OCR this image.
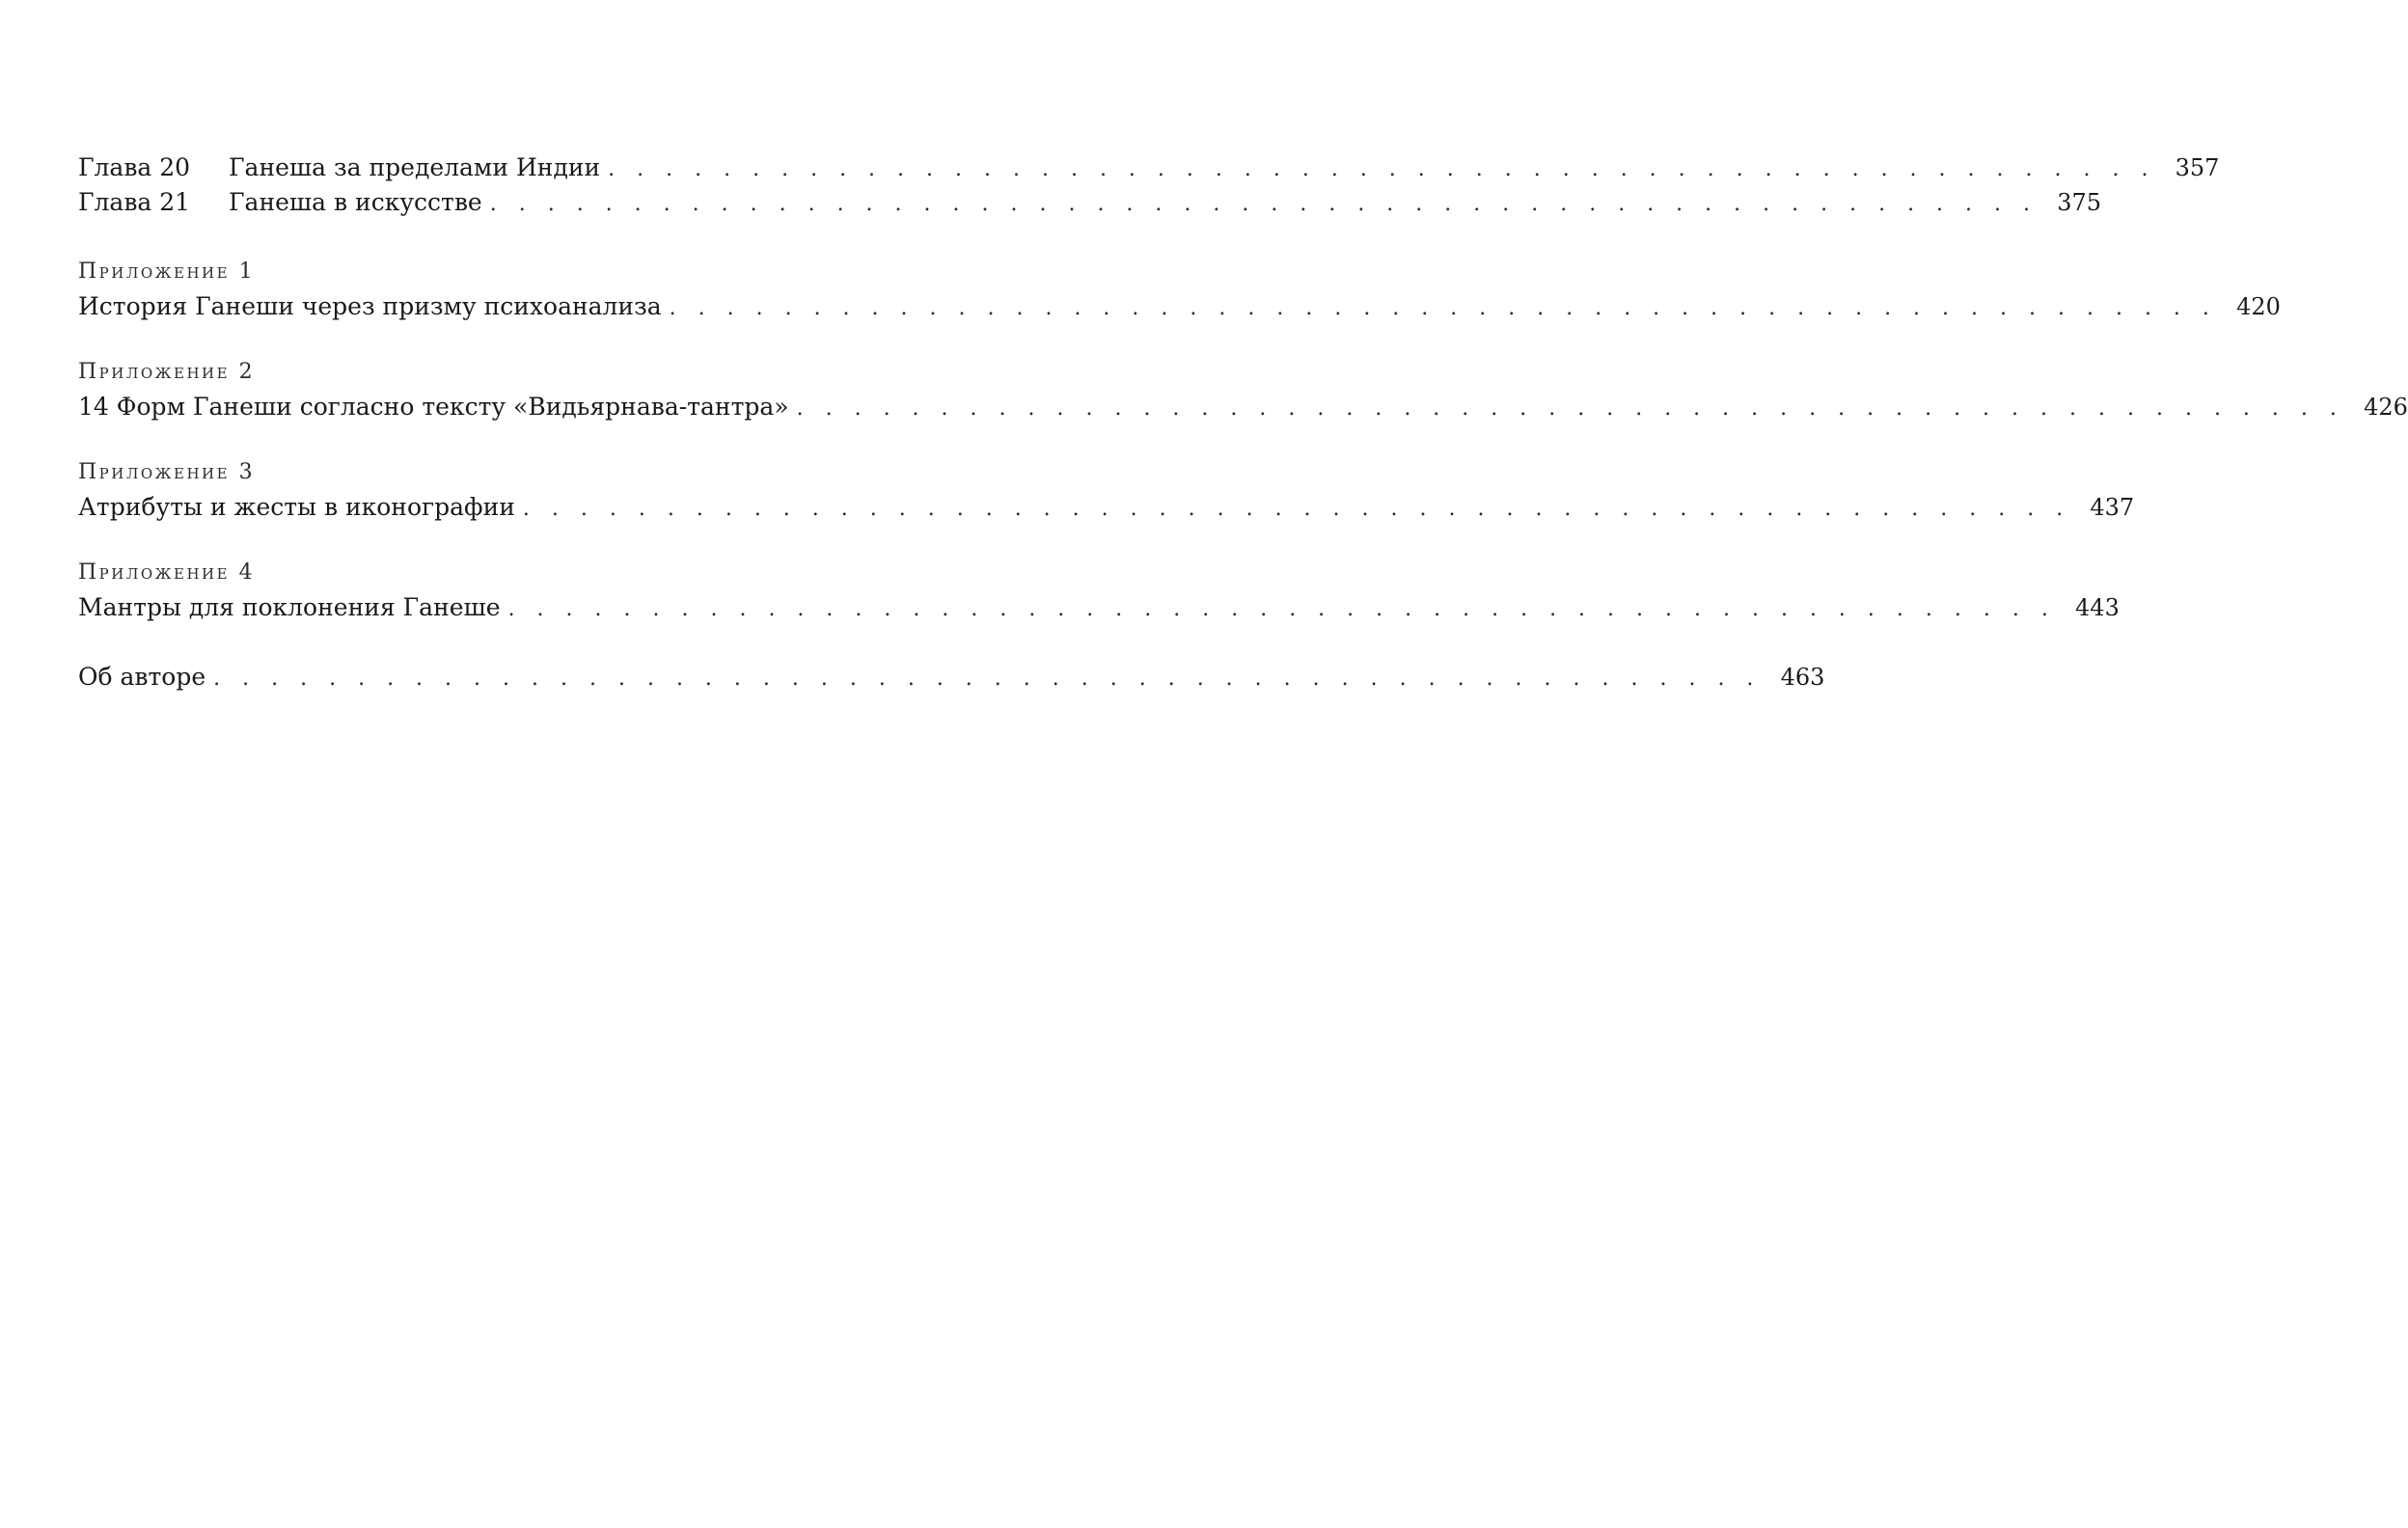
Глава 20	Ганеша за пределами Индии . . . . . . . . . . . . . . . . . . . . . . . . . . . . . . . . . . . . . . . . . . . . . . . . . . . . . . 357
Глава 21	Ганеша в искусстве . . . . . . . . . . . . . . . . . . . . . . . . . . . . . . . . . . . . . . . . . . . . . . . . . . . . . . 375
Приложение 1
История Ганеши через призму психоанализа . . . . . . . . . . . . . . . . . . . . . . . . . . . . . . . . . . . . . . . . . . . . . . . . . . . . . . 420
Приложение 2
14 Форм Ганеши согласно тексту «Видьярнава-тантра» . . . . . . . . . . . . . . . . . . . . . . . . . . . . . . . . . . . . . . . . . . . . . . . . . . . . . . 426
Приложение 3
Атрибуты и жесты в иконографии . . . . . . . . . . . . . . . . . . . . . . . . . . . . . . . . . . . . . . . . . . . . . . . . . . . . . . 437
Приложение 4
Мантры для поклонения Ганеше . . . . . . . . . . . . . . . . . . . . . . . . . . . . . . . . . . . . . . . . . . . . . . . . . . . . . . 443
Об авторе . . . . . . . . . . . . . . . . . . . . . . . . . . . . . . . . . . . . . . . . . . . . . . . . . . . . . . 463
